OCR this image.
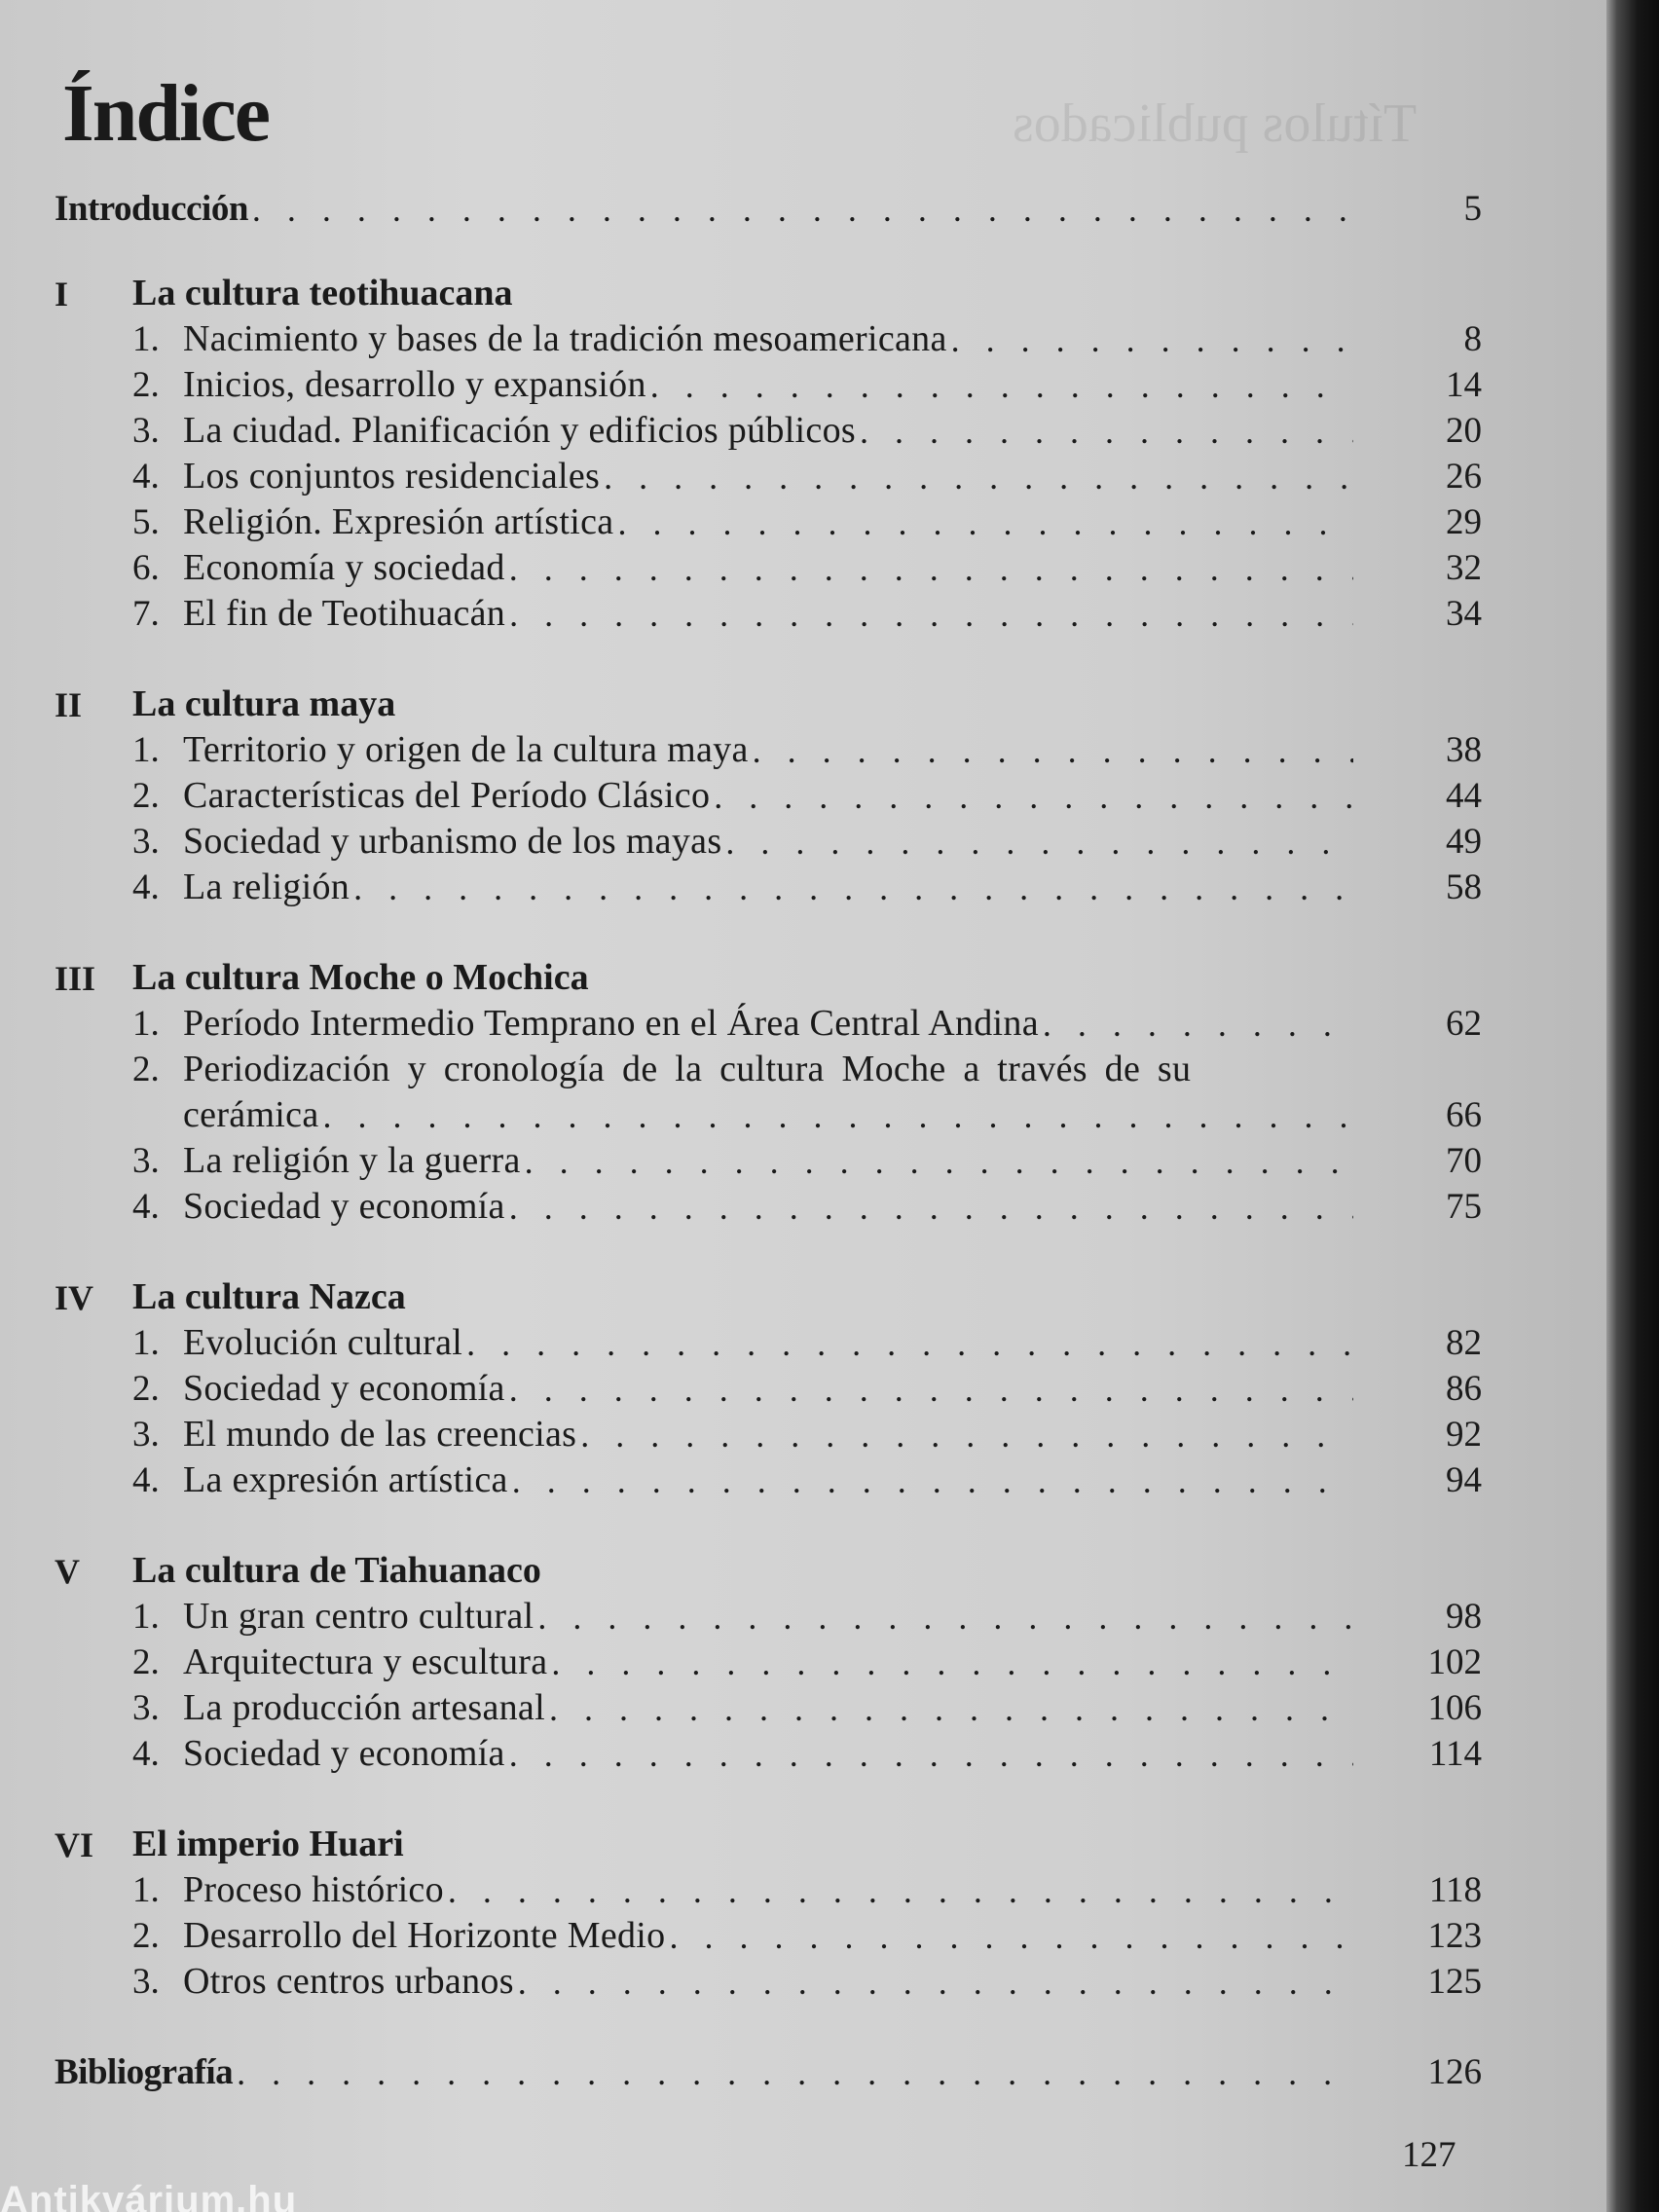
Títulos publicados
Índice
Introducción . . .	5
I	La cultura teotihuacana
1. Nacimiento y bases de la tradición mesoamericana . . .	8
2. Inicios, desarrollo y expansión . . .	14
3. La ciudad. Planificación y edificios públicos . . .	20
4. Los conjuntos residenciales . . .	26
5. Religión. Expresión artística . . .	29
6. Economía y sociedad . . .	32
7. El fin de Teotihuacán . . .	34
II	La cultura maya
1. Territorio y origen de la cultura maya . . .	38
2. Características del Período Clásico . . .	44
3. Sociedad y urbanismo de los mayas . . .	49
4. La religión . . .	58
III La cultura Moche o Mochica
1. Período Intermedio Temprano en el Área Central Andina . . .	62
2. Periodización y cronología de la cultura Moche a través de su
cerámica . . .	66
3. La religión y la guerra . . .	70
4. Sociedad y economía . . .	75
IV	La cultura Nazca
1. Evolución cultural . . .	82
2. Sociedad y economía . . .	86
3. El mundo de las creencias . . .	92
4. La expresión artística . . .	94
V	La cultura de Tiahuanaco
1. Un gran centro cultural . . .	98
2. Arquitectura y escultura . . .	102
3. La producción artesanal . . .	106
4. Sociedad y economía . . .	114
VI	El imperio Huari
1. Proceso histórico . . .	118
2. Desarrollo del Horizonte Medio . . .	123
3. Otros centros urbanos . . .	125
Bibliografía . . .	126
127
Antikvárium.hu
